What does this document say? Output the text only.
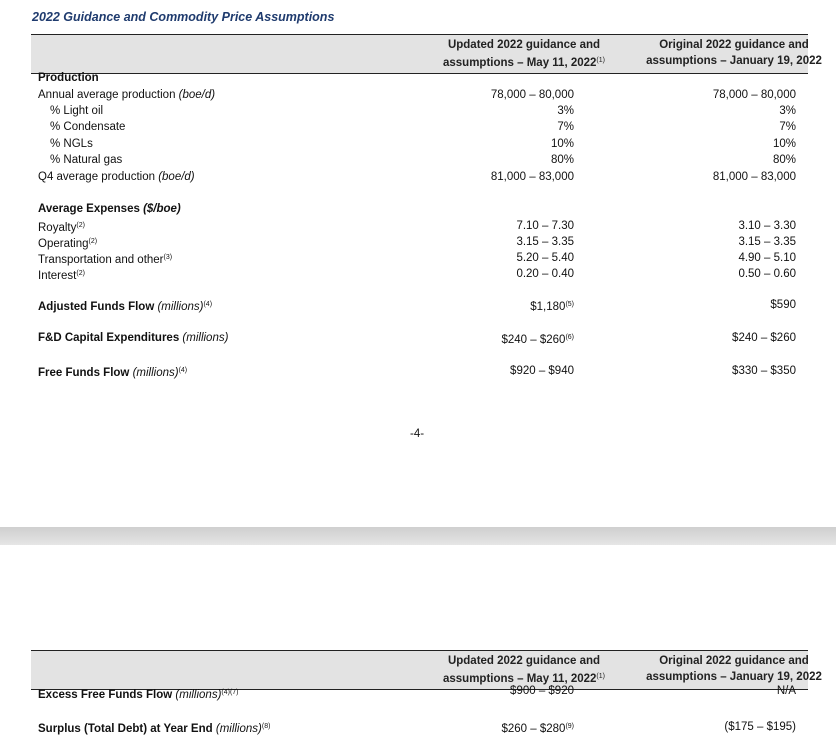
2022 Guidance and Commodity Price Assumptions
Updated 2022 guidance and
assumptions – May 11, 2022$^{(1)}$
Original 2022 guidance and
assumptions – January 19, 2022
Production
Annual average production (boe/d)	78,000 – 80,000	78,000 – 80,000
% Light oil	3%	3%
% Condensate	7%	7%
% NGLs	10%	10%
% Natural gas	80%	80%
Q4 average production (boe/d)	81,000 – 83,000	81,000 – 83,000
Average Expenses ($/boe)
Royalty$^{(2)}$	7.10 – 7.30	3.10 – 3.30
Operating$^{(2)}$	3.15 – 3.35	3.15 – 3.35
Transportation and other$^{(3)}$	5.20 – 5.40	4.90 – 5.10
Interest$^{(2)}$	0.20 – 0.40	0.50 – 0.60
Adjusted Funds Flow (millions)$^{(4)}$	$1,180$^{(5)}$	$590
F&D Capital Expenditures (millions)	$240 – $260$^{(6)}$	$240 – $260
Free Funds Flow (millions)$^{(4)}$	$920 – $940	$330 – $350
-4-
Updated 2022 guidance and
assumptions – May 11, 2022$^{(1)}$
Original 2022 guidance and
assumptions – January 19, 2022
Excess Free Funds Flow (millions)$^{(4)(7)}$	$900 – $920	N/A
Surplus (Total Debt) at Year End (millions)$^{(8)}$	$260 – $280$^{(9)}$	($175 – $195)
